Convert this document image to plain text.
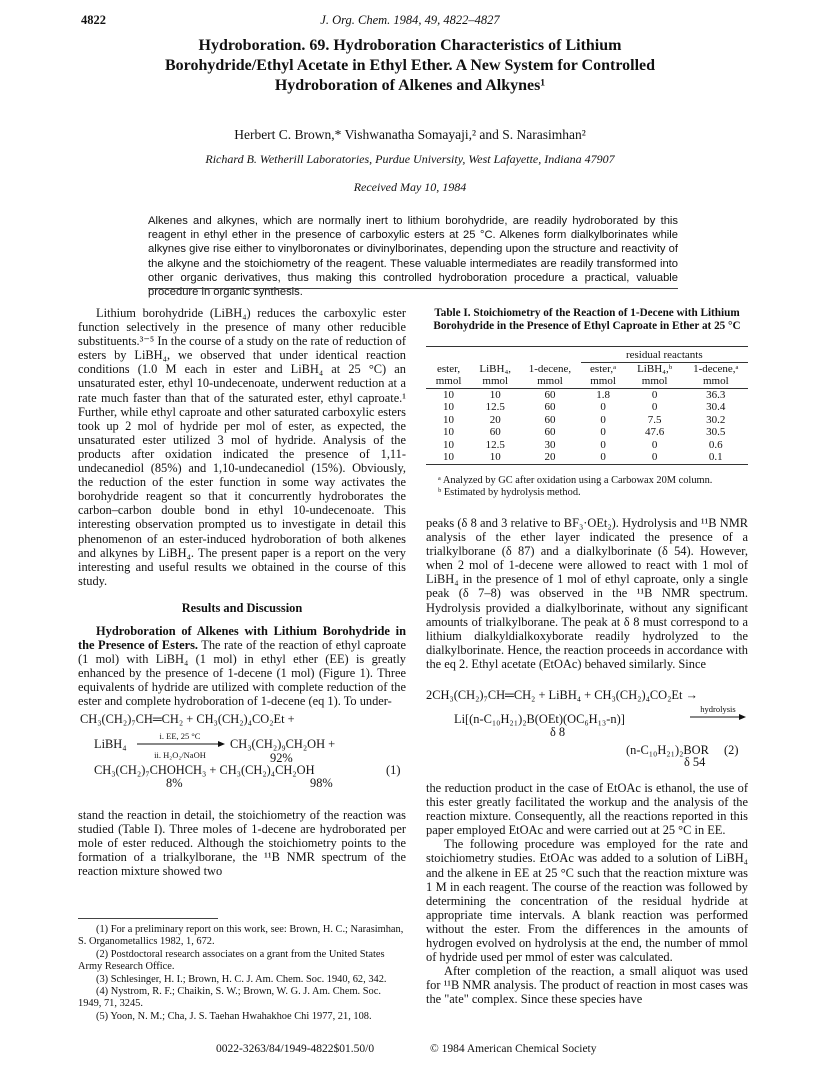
4822	J. Org. Chem. 1984, 49, 4822–4827
Hydroboration. 69. Hydroboration Characteristics of Lithium Borohydride/Ethyl Acetate in Ethyl Ether. A New System for Controlled Hydroboration of Alkenes and Alkynes¹
Herbert C. Brown,* Vishwanatha Somayaji,² and S. Narasimhan²
Richard B. Wetherill Laboratories, Purdue University, West Lafayette, Indiana 47907
Received May 10, 1984
Alkenes and alkynes, which are normally inert to lithium borohydride, are readily hydroborated by this reagent in ethyl ether in the presence of carboxylic esters at 25 °C. Alkenes form dialkylborinates while alkynes give rise either to vinylboronates or divinylborinates, depending upon the structure and reactivity of the alkyne and the stoichiometry of the reagent. These valuable intermediates are readily transformed into other organic derivatives, thus making this controlled hydroboration procedure a practical, valuable procedure in organic synthesis.
Lithium borohydride (LiBH₄) reduces the carboxylic ester function selectively in the presence of many other reducible substituents.³⁻⁵ In the course of a study on the rate of reduction of esters by LiBH₄, we observed that under identical reaction conditions (1.0 M each in ester and LiBH₄ at 25 °C) an unsaturated ester, ethyl 10-undecenoate, underwent reduction at a rate much faster than that of the saturated ester, ethyl caproate.¹ Further, while ethyl caproate and other saturated carboxylic esters took up 2 mol of hydride per mol of ester, as expected, the unsaturated ester utilized 3 mol of hydride. Analysis of the products after oxidation indicated the presence of 1,11-undecanediol (85%) and 1,10-undecanediol (15%). Obviously, the reduction of the ester function in some way activates the borohydride reagent so that it concurrently hydroborates the carbon–carbon double bond in ethyl 10-undecenoate. This interesting observation prompted us to investigate in detail this phenomenon of an ester-induced hydroboration of both alkenes and alkynes by LiBH₄. The present paper is a report on the very interesting and useful results we obtained in the course of this study.
Results and Discussion
Hydroboration of Alkenes with Lithium Borohydride in the Presence of Esters. The rate of the reaction of ethyl caproate (1 mol) with LiBH₄ (1 mol) in ethyl ether (EE) is greatly enhanced by the presence of 1-decene (1 mol) (Figure 1). Three equivalents of hydride are utilized with complete reduction of the ester and complete hydroboration of 1-decene (eq 1). To under-
CH₃(CH₂)₇CH═CH₂ + CH₃(CH₂)₄CO₂Et +
LiBH₄
i. EE, 25 °C
ii. H₂O₂/NaOH
CH₃(CH₂)₉CH₂OH +
92%
CH₃(CH₂)₇CHOHCH₃ + CH₃(CH₂)₄CH₂OH	(1)
8%	98%
stand the reaction in detail, the stoichiometry of the reaction was studied (Table I). Three moles of 1-decene are hydroborated per mole of ester reduced. Although the stoichiometry points to the formation of a trialkylborane, the ¹¹B NMR spectrum of the reaction mixture showed two
(1) For a preliminary report on this work, see: Brown, H. C.; Narasimhan, S. Organometallics 1982, 1, 672.
(2) Postdoctoral research associates on a grant from the United States Army Research Office.
(3) Schlesinger, H. I.; Brown, H. C. J. Am. Chem. Soc. 1940, 62, 342.
(4) Nystrom, R. F.; Chaikin, S. W.; Brown, W. G. J. Am. Chem. Soc. 1949, 71, 3245.
(5) Yoon, N. M.; Cha, J. S. Taehan Hwahakhoe Chi 1977, 21, 108.
Table I. Stoichiometry of the Reaction of 1-Decene with Lithium Borohydride in the Presence of Ethyl Caproate in Ether at 25 °C

			residual reactants		
ester,	LiBH₄,	1-decene,	ester,ᵃ	LiBH₄,ᵇ	1-decene,ᵃ
mmol	mmol	mmol	mmol	mmol	mmol
10	10	60	1.8	0	36.3
10	12.5	60	0	0	30.4
10	20	60	0	7.5	30.2
10	60	60	0	47.6	30.5
10	12.5	30	0	0	0.6
10	10	20	0	0	0.1
ᵃ Analyzed by GC after oxidation using a Carbowax 20M column.
ᵇ Estimated by hydrolysis method.
peaks (δ 8 and 3 relative to BF₃·OEt₂). Hydrolysis and ¹¹B NMR analysis of the ether layer indicated the presence of a trialkylborane (δ 87) and a dialkylborinate (δ 54). However, when 2 mol of 1-decene were allowed to react with 1 mol of LiBH₄ in the presence of 1 mol of ethyl caproate, only a single peak (δ 7–8) was observed in the ¹¹B NMR spectrum. Hydrolysis provided a dialkylborinate, without any significant amounts of trialkylborane. The peak at δ 8 must correspond to a lithium dialkyldialkoxyborate readily hydrolyzed to the dialkylborinate. Hence, the reaction proceeds in accordance with the eq 2. Ethyl acetate (EtOAc) behaved similarly. Since
2CH₃(CH₂)₇CH═CH₂ + LiBH₄ + CH₃(CH₂)₄CO₂Et →
Li[(n-C₁₀H₂₁)₂B(OEt)(OC₆H₁₃-n)]
hydrolysis
δ 8
(n-C₁₀H₂₁)₂BOR (2)
δ 54
the reduction product in the case of EtOAc is ethanol, the use of this ester greatly facilitated the workup and the analysis of the reaction mixture. Consequently, all the reactions reported in this paper employed EtOAc and were carried out at 25 °C in EE.
The following procedure was employed for the rate and stoichiometry studies. EtOAc was added to a solution of LiBH₄ and the alkene in EE at 25 °C such that the reaction mixture was 1 M in each reagent. The course of the reaction was followed by determining the concentration of the residual hydride at appropriate time intervals. A blank reaction was performed without the ester. From the differences in the amounts of hydrogen evolved on hydrolysis at the end, the number of mmol of hydride used per mmol of ester was calculated.
After completion of the reaction, a small aliquot was used for ¹¹B NMR analysis. The product of reaction in most cases was the "ate" complex. Since these species have
0022-3263/84/1949-4822$01.50/0	© 1984 American Chemical Society
